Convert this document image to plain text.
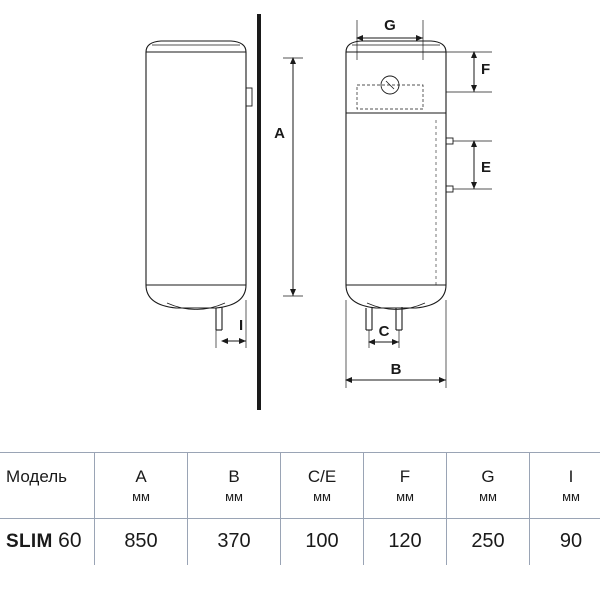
A
I
G
F
E
C
B
Модель	A	B	C/E	F	G	I
	мм	мм	мм	мм	мм	мм
SLIM 60	850	370	100	120	250	90
